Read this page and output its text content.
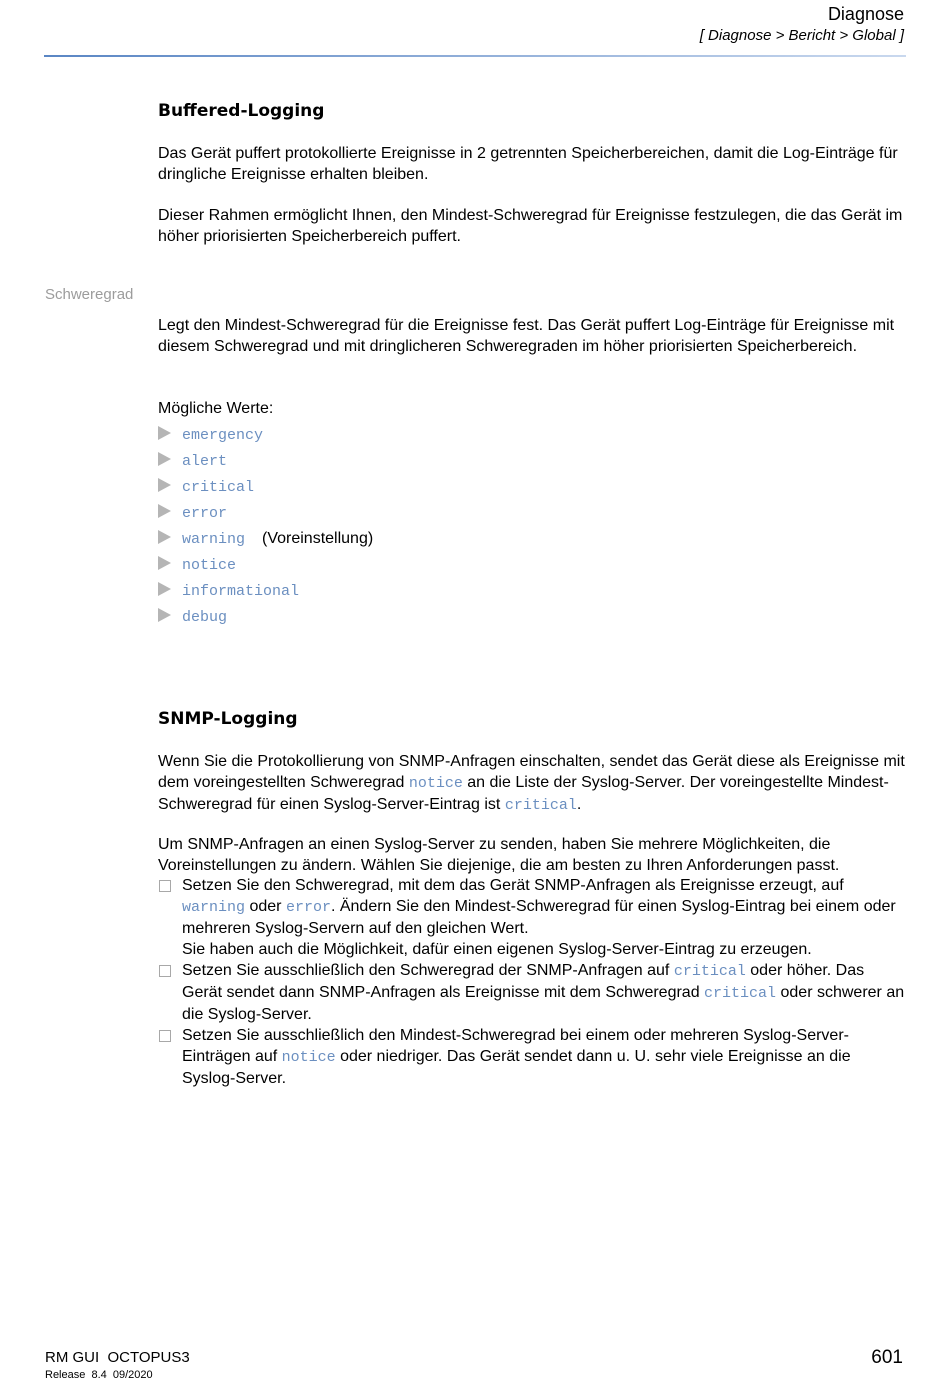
Diagnose
[ Diagnose > Bericht > Global ]
Buffered-Logging
Das Gerät puffert protokollierte Ereignisse in 2 getrennten Speicherbereichen, damit die Log-Einträge für dringliche Ereignisse erhalten bleiben.
Dieser Rahmen ermöglicht Ihnen, den Mindest-Schweregrad für Ereignisse festzulegen, die das Gerät im höher priorisierten Speicherbereich puffert.
Schweregrad
Legt den Mindest-Schweregrad für die Ereignisse fest. Das Gerät puffert Log-Einträge für Ereignisse mit diesem Schweregrad und mit dringlicheren Schweregraden im höher priorisierten Speicherbereich.
Mögliche Werte:
emergency
alert
critical
error
warning (Voreinstellung)
notice
informational
debug
SNMP-Logging
Wenn Sie die Protokollierung von SNMP-Anfragen einschalten, sendet das Gerät diese als Ereignisse mit dem voreingestellten Schweregrad notice an die Liste der Syslog-Server. Der voreingestellte Mindest-Schweregrad für einen Syslog-Server-Eintrag ist critical.
Um SNMP-Anfragen an einen Syslog-Server zu senden, haben Sie mehrere Möglichkeiten, die Voreinstellungen zu ändern. Wählen Sie diejenige, die am besten zu Ihren Anforderungen passt.
Setzen Sie den Schweregrad, mit dem das Gerät SNMP-Anfragen als Ereignisse erzeugt, auf warning oder error. Ändern Sie den Mindest-Schweregrad für einen Syslog-Eintrag bei einem oder mehreren Syslog-Servern auf den gleichen Wert.
Sie haben auch die Möglichkeit, dafür einen eigenen Syslog-Server-Eintrag zu erzeugen.
Setzen Sie ausschließlich den Schweregrad der SNMP-Anfragen auf critical oder höher. Das Gerät sendet dann SNMP-Anfragen als Ereignisse mit dem Schweregrad critical oder schwerer an die Syslog-Server.
Setzen Sie ausschließlich den Mindest-Schweregrad bei einem oder mehreren Syslog-Server-Einträgen auf notice oder niedriger. Das Gerät sendet dann u. U. sehr viele Ereignisse an die Syslog-Server.
RM GUI  OCTOPUS3
Release  8.4  09/2020
601
